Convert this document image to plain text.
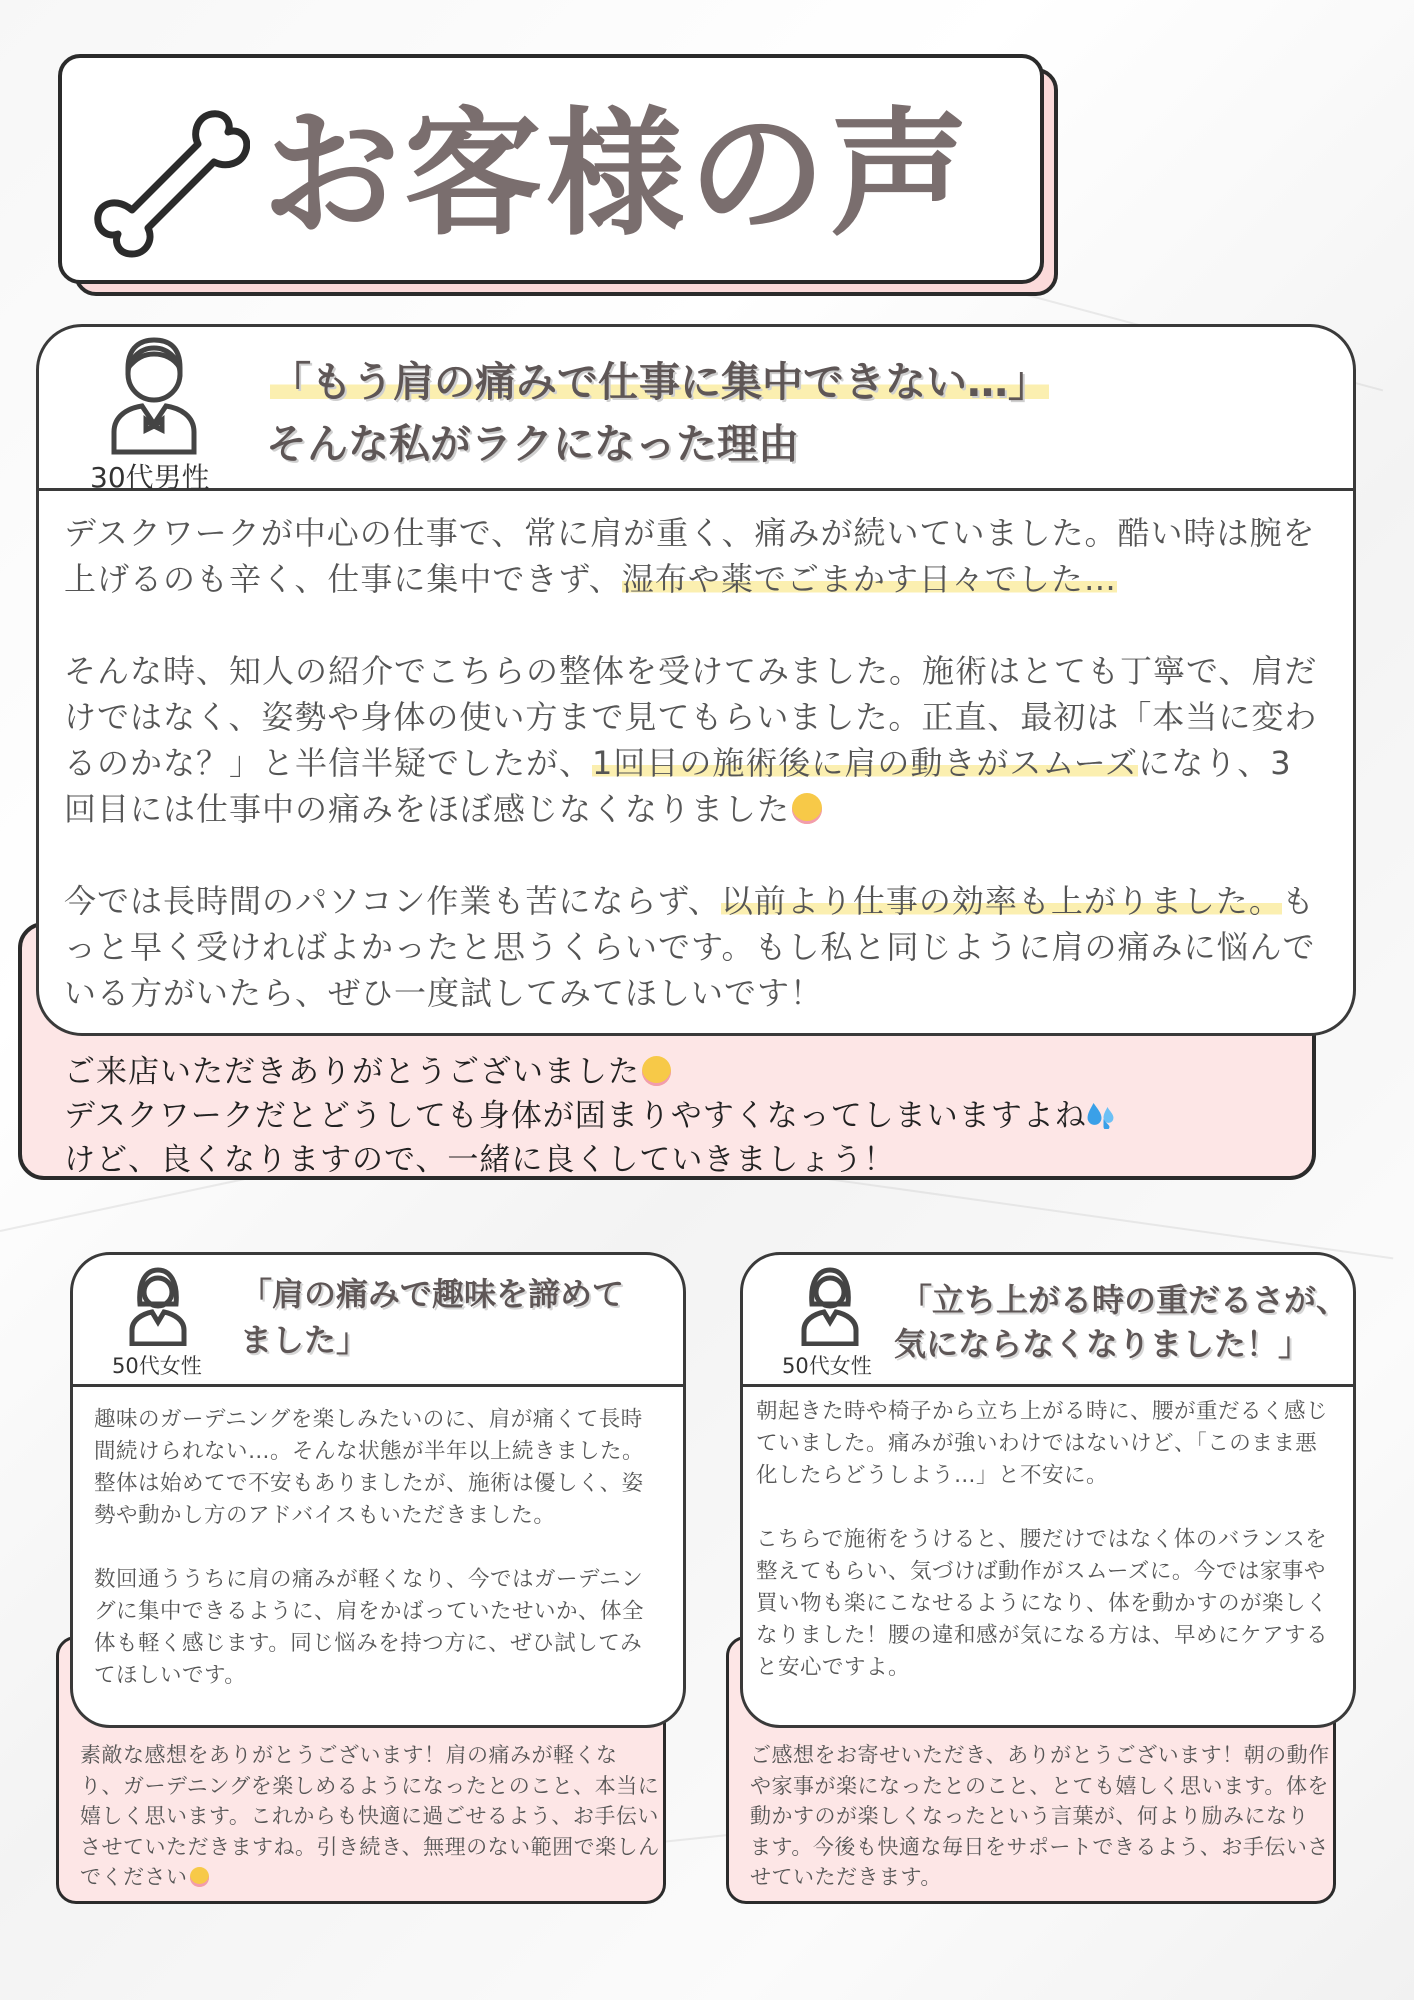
お客様の声
30代男性
「もう肩の痛みで仕事に集中できない…」
そんな私がラクになった理由

デスクワークが中心の仕事で、常に肩が重く、痛みが続いていました。酷い時は腕を上げるのも辛く、仕事に集中できず、湿布や薬でごまかす日々でした…

そんな時、知人の紹介でこちらの整体を受けてみました。施術はとても丁寧で、肩だけではなく、姿勢や身体の使い方まで見てもらいました。正直、最初は「本当に変わるのかな？」と半信半疑でしたが、1回目の施術後に肩の動きがスムーズになり、3回目には仕事中の痛みをほぼ感じなくなりました

今では長時間のパソコン作業も苦にならず、以前より仕事の効率も上がりました。もっと早く受ければよかったと思うくらいです。もし私と同じように肩の痛みに悩んでいる方がいたら、ぜひ一度試してみてほしいです！

ご来店いただきありがとうございました
デスクワークだとどうしても身体が固まりやすくなってしまいますよね
けど、良くなりますので、一緒に良くしていきましょう！
50代女性
「肩の痛みで趣味を諦めて
ました」

趣味のガーデニングを楽しみたいのに、肩が痛くて長時間続けられない…。そんな状態が半年以上続きました。整体は始めてで不安もありましたが、施術は優しく、姿勢や動かし方のアドバイスもいただきました。

数回通ううちに肩の痛みが軽くなり、今ではガーデニングに集中できるように、肩をかばっていたせいか、体全体も軽く感じます。同じ悩みを持つ方に、ぜひ試してみてほしいです。

素敵な感想をありがとうございます！肩の痛みが軽くなり、ガーデニングを楽しめるようになったとのこと、本当に嬉しく思います。これからも快適に過ごせるよう、お手伝いさせていただきますね。引き続き、無理のない範囲で楽しんでください
50代女性
「立ち上がる時の重だるさが、
気にならなくなりました！」

朝起きた時や椅子から立ち上がる時に、腰が重だるく感じていました。痛みが強いわけではないけど、「このまま悪化したらどうしよう…」と不安に。

こちらで施術をうけると、腰だけではなく体のバランスを整えてもらい、気づけば動作がスムーズに。今では家事や買い物も楽にこなせるようになり、体を動かすのが楽しくなりました！腰の違和感が気になる方は、早めにケアすると安心ですよ。

ご感想をお寄せいただき、ありがとうございます！朝の動作や家事が楽になったとのこと、とても嬉しく思います。体を動かすのが楽しくなったという言葉が、何より励みになります。今後も快適な毎日をサポートできるよう、お手伝いさせていただきます。
